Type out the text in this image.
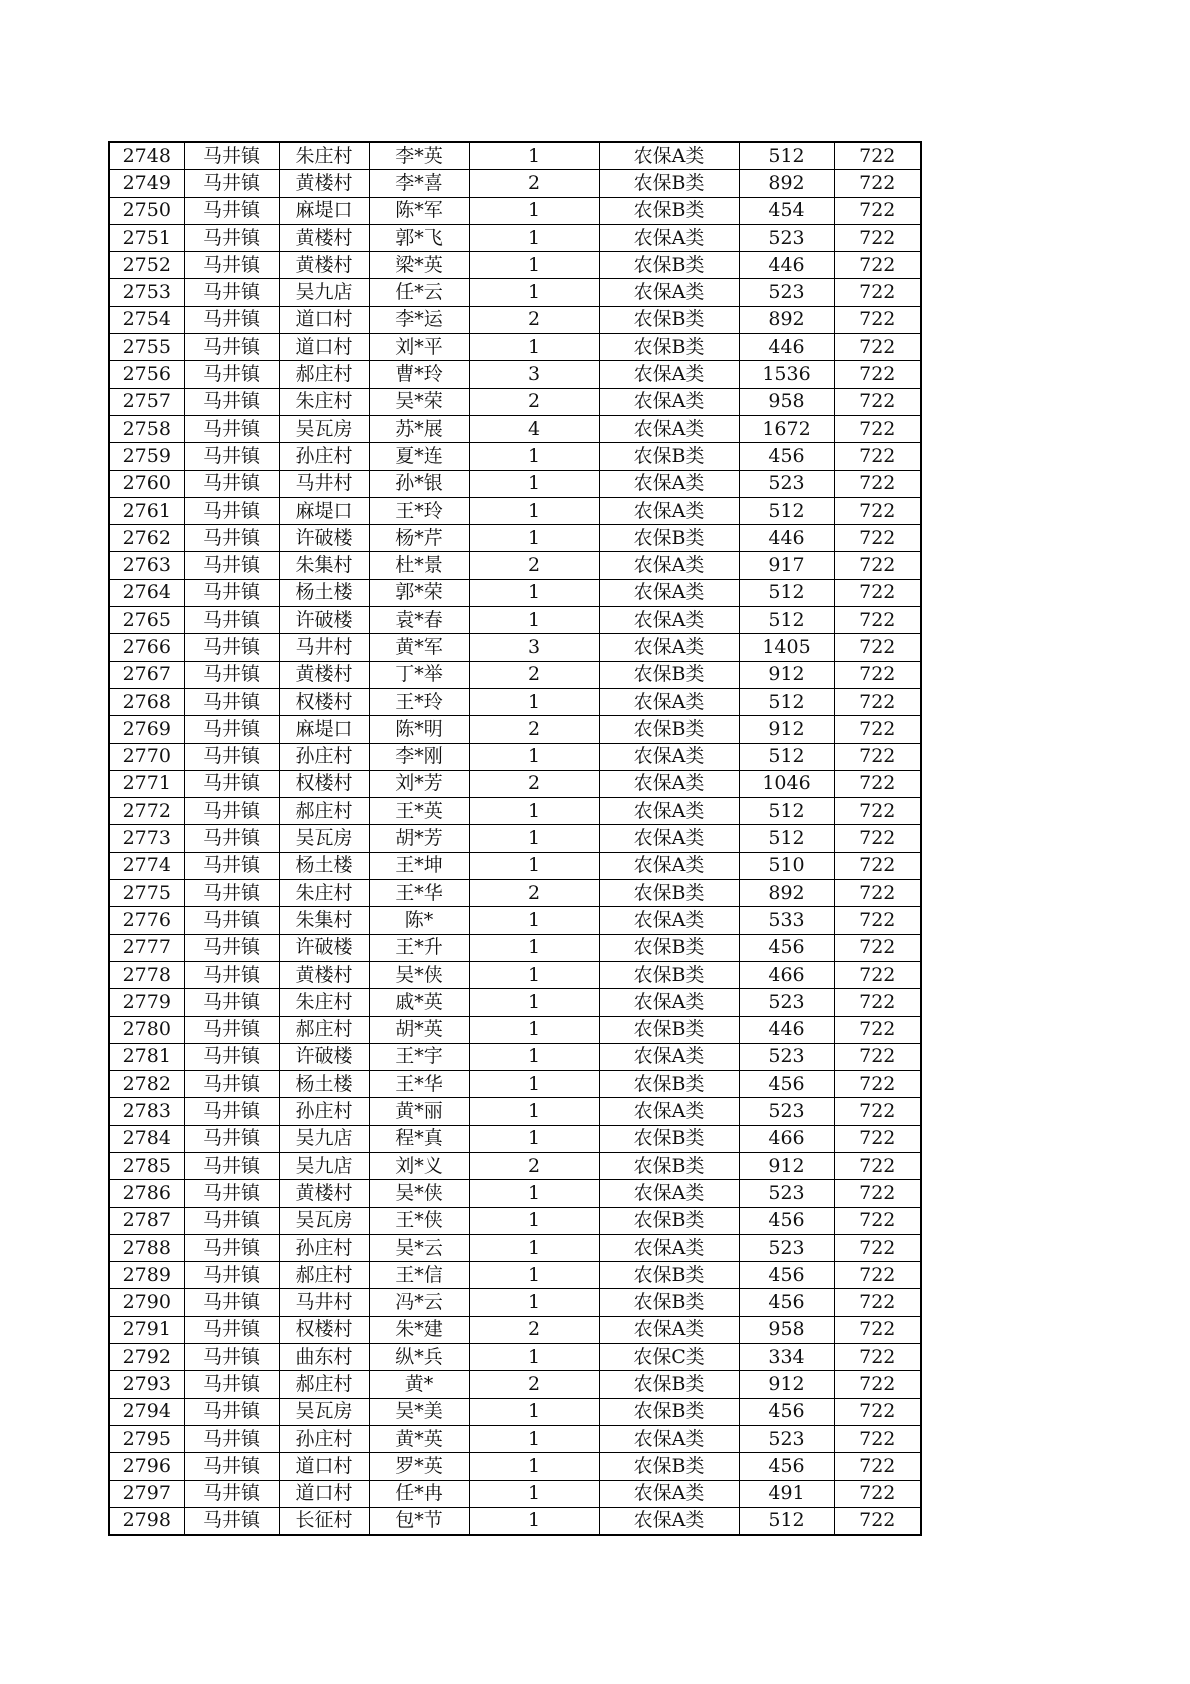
2748	马井镇	朱庄村	李*英	1	农保A类	512	722
2749	马井镇	黄楼村	李*喜	2	农保B类	892	722
2750	马井镇	麻堤口	陈*军	1	农保B类	454	722
2751	马井镇	黄楼村	郭*飞	1	农保A类	523	722
2752	马井镇	黄楼村	梁*英	1	农保B类	446	722
2753	马井镇	吴九店	任*云	1	农保A类	523	722
2754	马井镇	道口村	李*运	2	农保B类	892	722
2755	马井镇	道口村	刘*平	1	农保B类	446	722
2756	马井镇	郝庄村	曹*玲	3	农保A类	1536	722
2757	马井镇	朱庄村	吴*荣	2	农保A类	958	722
2758	马井镇	吴瓦房	苏*展	4	农保A类	1672	722
2759	马井镇	孙庄村	夏*连	1	农保B类	456	722
2760	马井镇	马井村	孙*银	1	农保A类	523	722
2761	马井镇	麻堤口	王*玲	1	农保A类	512	722
2762	马井镇	许破楼	杨*芹	1	农保B类	446	722
2763	马井镇	朱集村	杜*景	2	农保A类	917	722
2764	马井镇	杨土楼	郭*荣	1	农保A类	512	722
2765	马井镇	许破楼	袁*春	1	农保A类	512	722
2766	马井镇	马井村	黄*军	3	农保A类	1405	722
2767	马井镇	黄楼村	丁*举	2	农保B类	912	722
2768	马井镇	权楼村	王*玲	1	农保A类	512	722
2769	马井镇	麻堤口	陈*明	2	农保B类	912	722
2770	马井镇	孙庄村	李*刚	1	农保A类	512	722
2771	马井镇	权楼村	刘*芳	2	农保A类	1046	722
2772	马井镇	郝庄村	王*英	1	农保A类	512	722
2773	马井镇	吴瓦房	胡*芳	1	农保A类	512	722
2774	马井镇	杨土楼	王*坤	1	农保A类	510	722
2775	马井镇	朱庄村	王*华	2	农保B类	892	722
2776	马井镇	朱集村	陈*	1	农保A类	533	722
2777	马井镇	许破楼	王*升	1	农保B类	456	722
2778	马井镇	黄楼村	吴*侠	1	农保B类	466	722
2779	马井镇	朱庄村	戚*英	1	农保A类	523	722
2780	马井镇	郝庄村	胡*英	1	农保B类	446	722
2781	马井镇	许破楼	王*宇	1	农保A类	523	722
2782	马井镇	杨土楼	王*华	1	农保B类	456	722
2783	马井镇	孙庄村	黄*丽	1	农保A类	523	722
2784	马井镇	吴九店	程*真	1	农保B类	466	722
2785	马井镇	吴九店	刘*义	2	农保B类	912	722
2786	马井镇	黄楼村	吴*侠	1	农保A类	523	722
2787	马井镇	吴瓦房	王*侠	1	农保B类	456	722
2788	马井镇	孙庄村	吴*云	1	农保A类	523	722
2789	马井镇	郝庄村	王*信	1	农保B类	456	722
2790	马井镇	马井村	冯*云	1	农保B类	456	722
2791	马井镇	权楼村	朱*建	2	农保A类	958	722
2792	马井镇	曲东村	纵*兵	1	农保C类	334	722
2793	马井镇	郝庄村	黄*	2	农保B类	912	722
2794	马井镇	吴瓦房	吴*美	1	农保B类	456	722
2795	马井镇	孙庄村	黄*英	1	农保A类	523	722
2796	马井镇	道口村	罗*英	1	农保B类	456	722
2797	马井镇	道口村	任*冉	1	农保A类	491	722
2798	马井镇	长征村	包*节	1	农保A类	512	722
